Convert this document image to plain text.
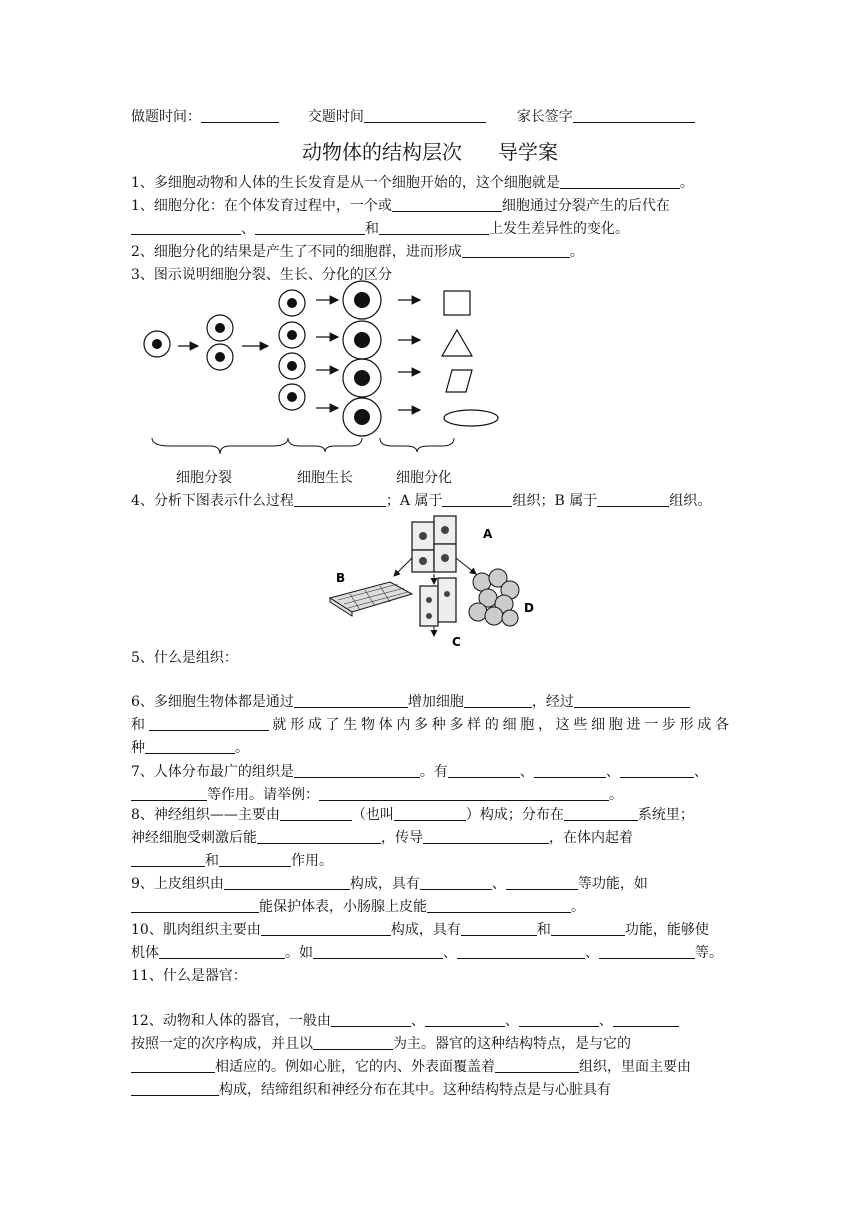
做题时间：	交题时间	家长签字
动物体的结构层次 导学案
1、多细胞动物和人体的生长发育是从一个细胞开始的，这个细胞就是	。
1、细胞分化：在个体发育过程中，一个或	细胞通过分裂产生的后代在
、	和	上发生差异性的变化。
2、细胞分化的结果是产生了不同的细胞群，进而形成	。
3、图示说明细胞分裂、生长、分化的区分
细胞分裂	细胞生长	细胞分化
4、分析下图表示什么过程	；A 属于	组织；B 属于	组织。
A
B
C
D
5、什么是组织：
6、多细胞生物体都是通过	增加细胞	，经过
和	就形成了生物体内多种多样的细胞，这些细胞进一步形成各
种	。
7、人体分布最广的组织是	。有	、	、	、
等作用。请举例：	。
8、神经组织——主要由	（也叫	）构成；分布在	系统里；
神经细胞受刺激后能	，传导	，在体内起着
和	作用。
9、上皮组织由	构成，具有	、	等功能，如
能保护体表，小肠腺上皮能	。
10、肌肉组织主要由	构成，具有	和	功能，能够使
机体	。如	、	、	等。
11、什么是器官：
12、动物和人体的器官，一般由	、	、	、
按照一定的次序构成，并且以	为主。器官的这种结构特点，是与它的
相适应的。例如心脏，它的内、外表面覆盖着	组织，里面主要由
构成，结缔组织和神经分布在其中。这种结构特点是与心脏具有
